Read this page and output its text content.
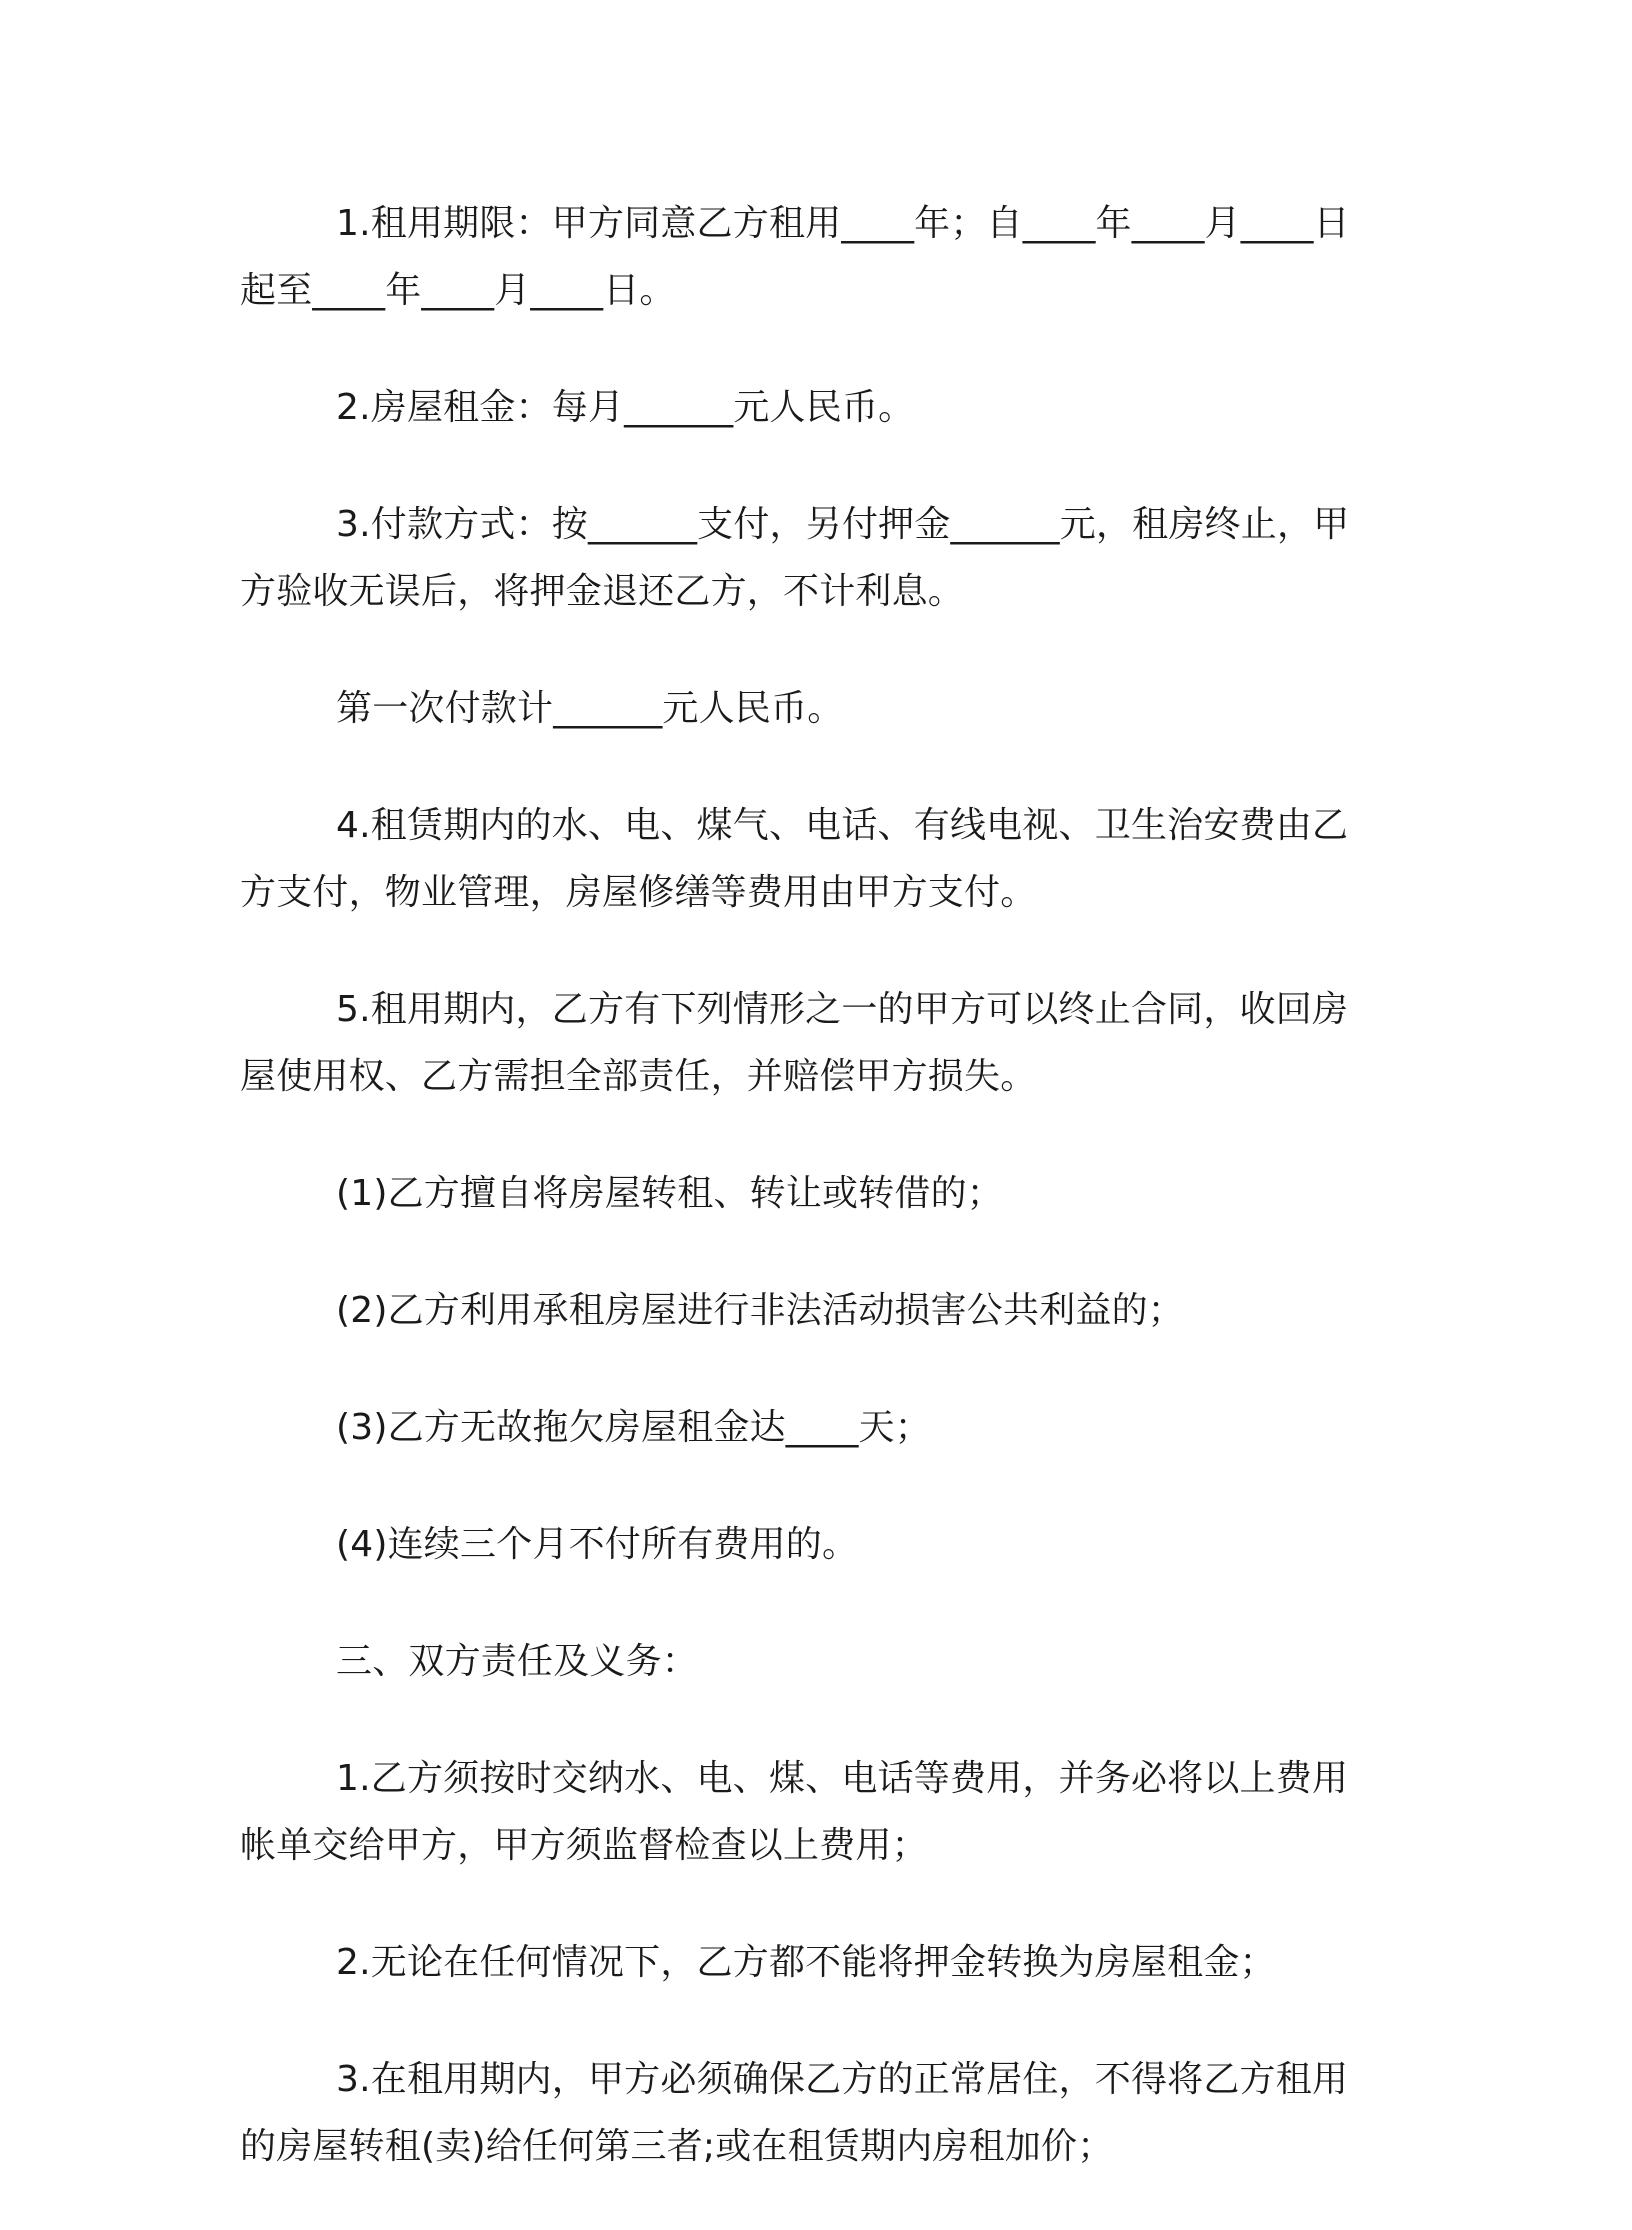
1.租用期限：甲方同意乙方租用____年；自____年____月____日起至____年____月____日。

2.房屋租金：每月______元人民币。

3.付款方式：按______支付，另付押金______元，租房终止，甲方验收无误后，将押金退还乙方，不计利息。

第一次付款计______元人民币。

4.租赁期内的水、电、煤气、电话、有线电视、卫生治安费由乙方支付，物业管理，房屋修缮等费用由甲方支付。

5.租用期内，乙方有下列情形之一的甲方可以终止合同，收回房屋使用权、乙方需担全部责任，并赔偿甲方损失。

(1)乙方擅自将房屋转租、转让或转借的；

(2)乙方利用承租房屋进行非法活动损害公共利益的；

(3)乙方无故拖欠房屋租金达____天；

(4)连续三个月不付所有费用的。

三、双方责任及义务：

1.乙方须按时交纳水、电、煤、电话等费用，并务必将以上费用帐单交给甲方，甲方须监督检查以上费用；

2.无论在任何情况下，乙方都不能将押金转换为房屋租金；

3.在租用期内，甲方必须确保乙方的正常居住，不得将乙方租用的房屋转租(卖)给任何第三者;或在租赁期内房租加价；
